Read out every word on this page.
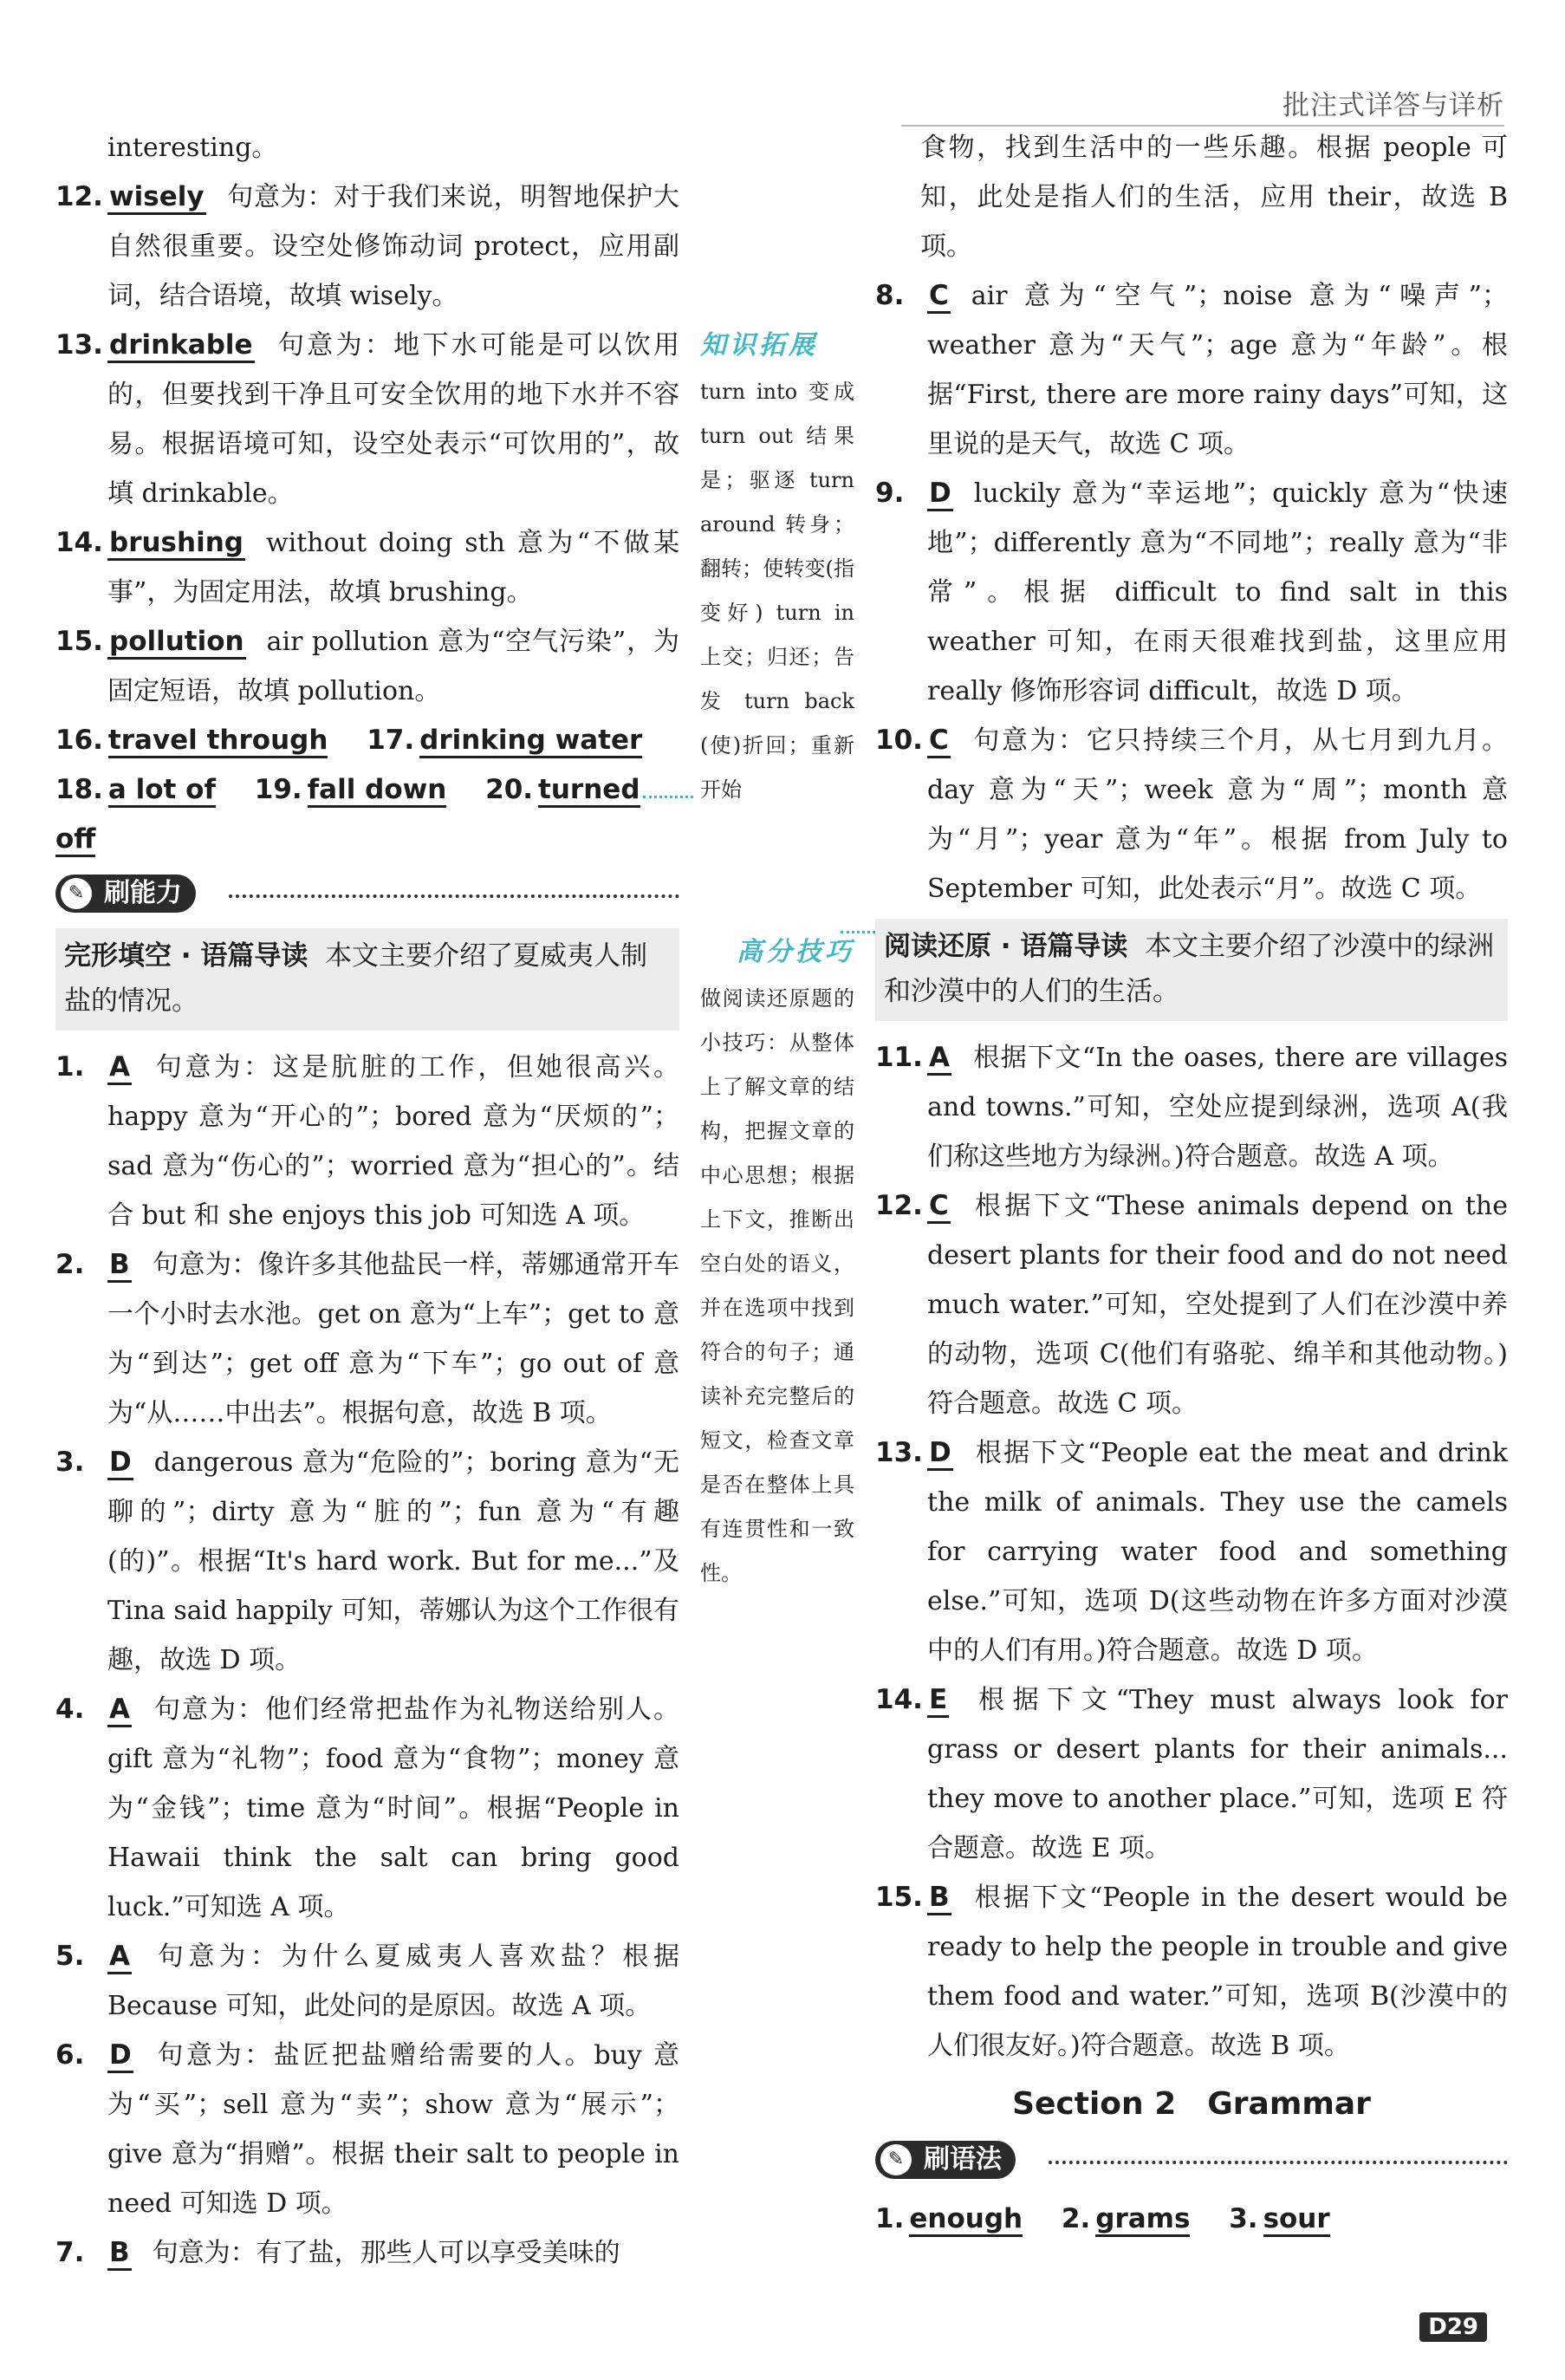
批注式详答与详析
interesting。
12. wisely 句意为：对于我们来说，明智地保护大自然很重要。设空处修饰动词 protect，应用副词，结合语境，故填 wisely。
13. drinkable 句意为：地下水可能是可以饮用的，但要找到干净且可安全饮用的地下水并不容易。根据语境可知，设空处表示“可饮用的”，故填 drinkable。
14. brushing without doing sth 意为“不做某事”，为固定用法，故填 brushing。
15. pollution air pollution 意为“空气污染”，为固定短语，故填 pollution。
16. travel through 17. drinking water
18. a lot of 19. fall down 20. turned off
✎ 刷能力
完形填空 · 语篇导读 本文主要介绍了夏威夷人制盐的情况。
1. A 句意为：这是肮脏的工作，但她很高兴。happy 意为“开心的”；bored 意为“厌烦的”；sad 意为“伤心的”；worried 意为“担心的”。结合 but 和 she enjoys this job 可知选 A 项。
2. B 句意为：像许多其他盐民一样，蒂娜通常开车一个小时去水池。get on 意为“上车”；get to 意为“到达”；get off 意为“下车”；go out of 意为“从……中出去”。根据句意，故选 B 项。
3. D dangerous 意为“危险的”；boring 意为“无聊的”；dirty 意为“脏的”；fun 意为“有趣(的)”。根据“It's hard work. But for me...”及 Tina said happily 可知，蒂娜认为这个工作很有趣，故选 D 项。
4. A 句意为：他们经常把盐作为礼物送给别人。gift 意为“礼物”；food 意为“食物”；money 意为“金钱”；time 意为“时间”。根据“People in Hawaii think the salt can bring good luck.”可知选 A 项。
5. A 句意为：为什么夏威夷人喜欢盐？根据 Because 可知，此处问的是原因。故选 A 项。
6. D 句意为：盐匠把盐赠给需要的人。buy 意为“买”；sell 意为“卖”；show 意为“展示”；give 意为“捐赠”。根据 their salt to people in need 可知选 D 项。
7. B 句意为：有了盐，那些人可以享受美味的
知识拓展
turn into 变成 turn out 结果是；驱逐 turn around 转身；翻转；使转变(指变好) turn in 上交；归还；告发 turn back (使)折回；重新开始
高分技巧
做阅读还原题的小技巧：从整体上了解文章的结构，把握文章的中心思想；根据上下文，推断出空白处的语义，并在选项中找到符合的句子；通读补充完整后的短文，检查文章是否在整体上具有连贯性和一致性。
食物，找到生活中的一些乐趣。根据 people 可知，此处是指人们的生活，应用 their，故选 B 项。
8. C air 意为“空气”；noise 意为“噪声”；weather 意为“天气”；age 意为“年龄”。根据“First, there are more rainy days”可知，这里说的是天气，故选 C 项。
9. D luckily 意为“幸运地”；quickly 意为“快速地”；differently 意为“不同地”；really 意为“非常”。根据 difficult to find salt in this weather 可知，在雨天很难找到盐，这里应用 really 修饰形容词 difficult，故选 D 项。
10. C 句意为：它只持续三个月，从七月到九月。day 意为“天”；week 意为“周”；month 意为“月”；year 意为“年”。根据 from July to September 可知，此处表示“月”。故选 C 项。
阅读还原 · 语篇导读 本文主要介绍了沙漠中的绿洲和沙漠中的人们的生活。
11. A 根据下文“In the oases, there are villages and towns.”可知，空处应提到绿洲，选项 A(我们称这些地方为绿洲。)符合题意。故选 A 项。
12. C 根据下文“These animals depend on the desert plants for their food and do not need much water.”可知，空处提到了人们在沙漠中养的动物，选项 C(他们有骆驼、绵羊和其他动物。)符合题意。故选 C 项。
13. D 根据下文“People eat the meat and drink the milk of animals. They use the camels for carrying water food and something else.”可知，选项 D(这些动物在许多方面对沙漠中的人们有用。)符合题意。故选 D 项。
14. E 根据下文“They must always look for grass or desert plants for their animals... they move to another place.”可知，选项 E 符合题意。故选 E 项。
15. B 根据下文“People in the desert would be ready to help the people in trouble and give them food and water.”可知，选项 B(沙漠中的人们很友好。)符合题意。故选 B 项。
Section 2　Grammar
✎ 刷语法
1. enough 2. grams 3. sour
D29
